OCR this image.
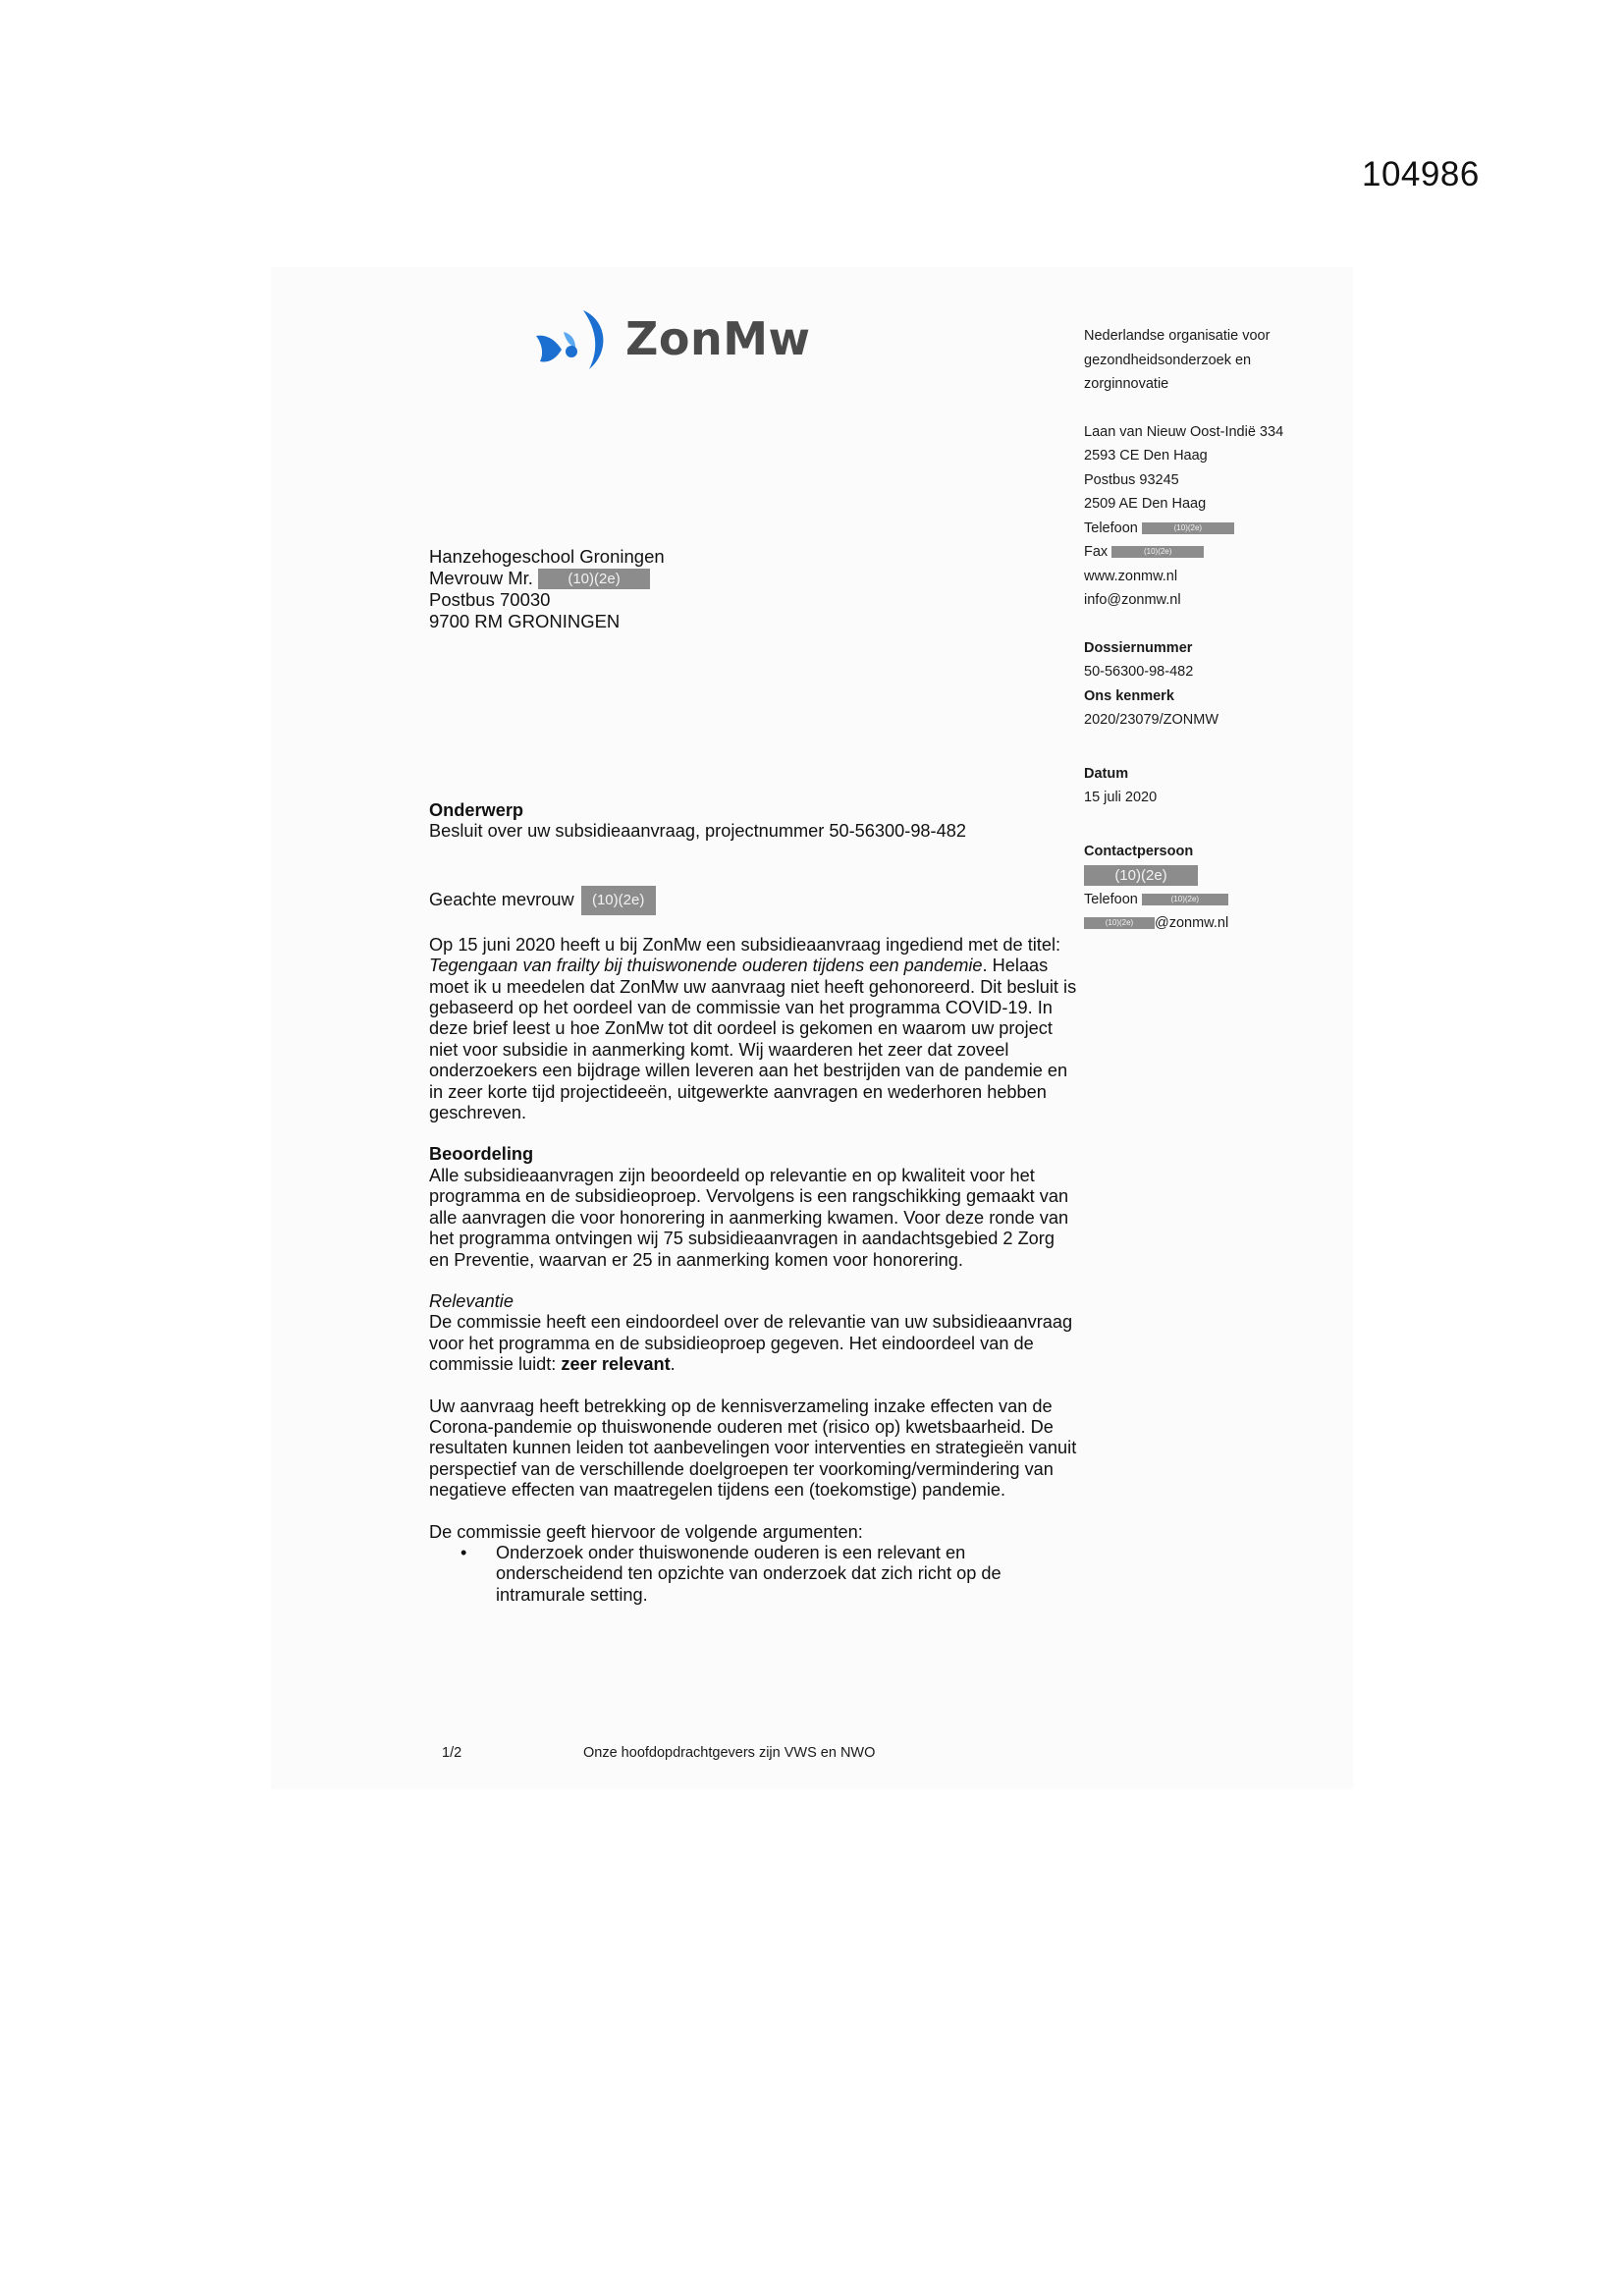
104986
ZonMw	Nederlandse organisatie voor
gezondheidsonderzoek en
zorginnovatie
Laan van Nieuw Oost-Indië 334
2593 CE Den Haag
Postbus 93245
2509 AE Den Haag
Telefoon	(10)(2e)
Fax	(10)(2e)
www.zonmw.nl
info@zonmw.nl
Dossiernummer
50-56300-98-482
Ons kenmerk
2020/23079/ZONMW
Datum
15 juli 2020
Contactpersoon
(10)(2e)
Telefoon	(10)(2e)
(10)(2e) @zonmw.nl
Hanzehogeschool Groningen
Mevrouw Mr. (10)(2e)
Postbus 70030
9700 RM GRONINGEN
Onderwerp
Besluit over uw subsidieaanvraag, projectnummer 50-56300-98-482
Geachte mevrouw (10)(2e)

Op 15 juni 2020 heeft u bij ZonMw een subsidieaanvraag ingediend met de titel: Tegengaan van frailty bij thuiswonende ouderen tijdens een pandemie. Helaas moet ik u meedelen dat ZonMw uw aanvraag niet heeft gehonoreerd. Dit besluit is gebaseerd op het oordeel van de commissie van het programma COVID-19. In deze brief leest u hoe ZonMw tot dit oordeel is gekomen en waarom uw project niet voor subsidie in aanmerking komt. Wij waarderen het zeer dat zoveel onderzoekers een bijdrage willen leveren aan het bestrijden van de pandemie en in zeer korte tijd projectideeën, uitgewerkte aanvragen en wederhoren hebben geschreven.

Beoordeling
Alle subsidieaanvragen zijn beoordeeld op relevantie en op kwaliteit voor het programma en de subsidieoproep. Vervolgens is een rangschikking gemaakt van alle aanvragen die voor honorering in aanmerking kwamen. Voor deze ronde van het programma ontvingen wij 75 subsidieaanvragen in aandachtsgebied 2 Zorg en Preventie, waarvan er 25 in aanmerking komen voor honorering.

Relevantie
De commissie heeft een eindoordeel over de relevantie van uw subsidieaanvraag voor het programma en de subsidieoproep gegeven. Het eindoordeel van de commissie luidt: zeer relevant.

Uw aanvraag heeft betrekking op de kennisverzameling inzake effecten van de Corona-pandemie op thuiswonende ouderen met (risico op) kwetsbaarheid. De resultaten kunnen leiden tot aanbevelingen voor interventies en strategieën vanuit perspectief van de verschillende doelgroepen ter voorkoming/vermindering van negatieve effecten van maatregelen tijdens een (toekomstige) pandemie.

De commissie geeft hiervoor de volgende argumenten:

• Onderzoek onder thuiswonende ouderen is een relevant en onderscheidend ten opzichte van onderzoek dat zich richt op de intramurale setting.
1/2	Onze hoofdopdrachtgevers zijn VWS en NWO
